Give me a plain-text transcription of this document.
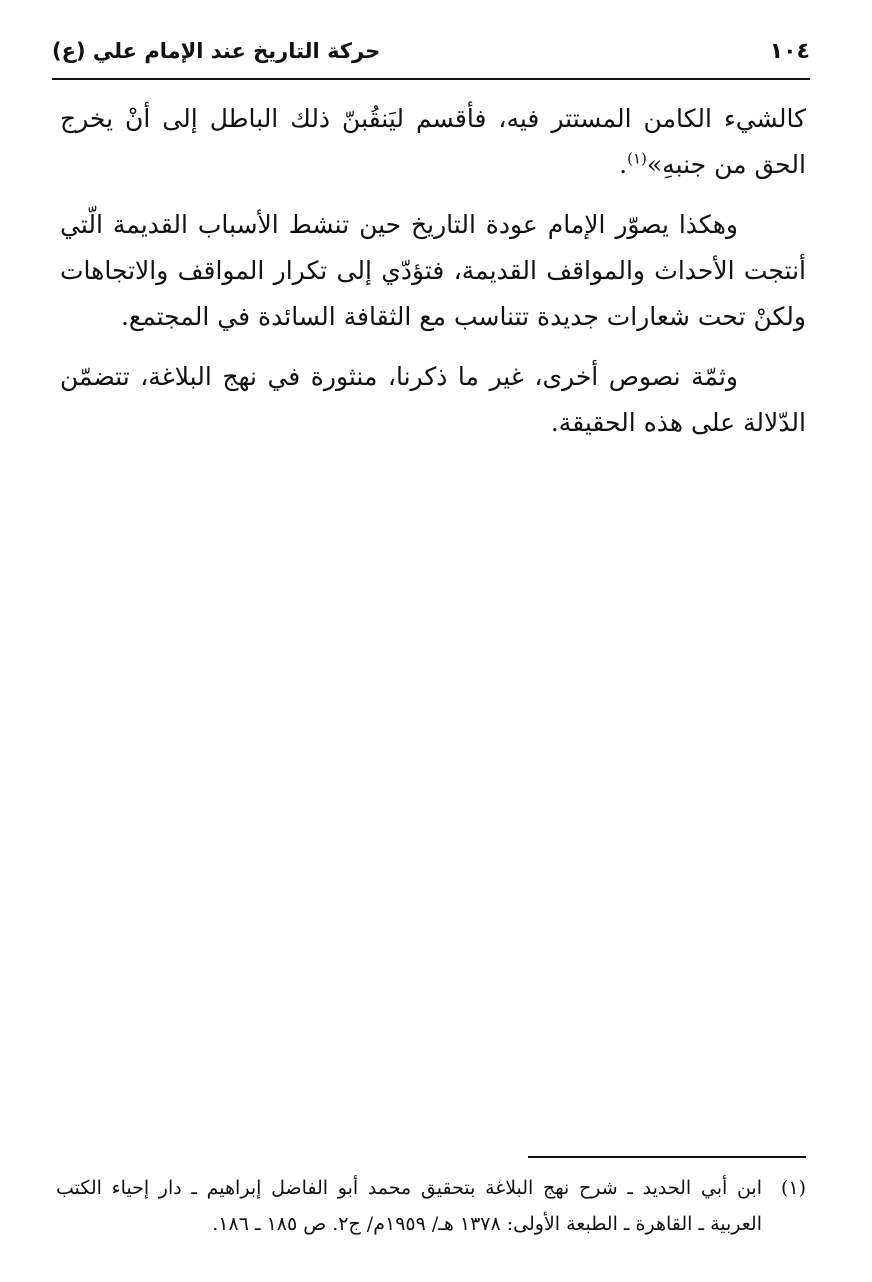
١٠٤
حركة التاريخ عند الإمام علي (ع)

كالشيء الكامن المستتر فيه، فأقسم ليَنقُبنّ ذلك الباطل إلى أنْ يخرج الحق من جنبهِ»$^{(١)}$.

وهكذا يصوّر الإمام عودة التاريخ حين تنشط الأسباب القديمة الّتي أنتجت الأحداث والمواقف القديمة، فتؤدّي إلى تكرار المواقف والاتجاهات ولكنْ تحت شعارات جديدة تتناسب مع الثقافة السائدة في المجتمع.

وثمّة نصوص أخرى، غير ما ذكرنا، منثورة في نهج البلاغة، تتضمّن الدّلالة على هذه الحقيقة.

(١)
ابن أبي الحديد ـ شرح نهج البلاغة بتحقيق محمد أبو الفاضل إبراهيم ـ دار إحياء الكتب العربية ـ القاهرة ـ الطبعة الأولى: ١٣٧٨ هـ/ ١٩٥٩م/ ج٢. ص ١٨٥ ـ ١٨٦.
